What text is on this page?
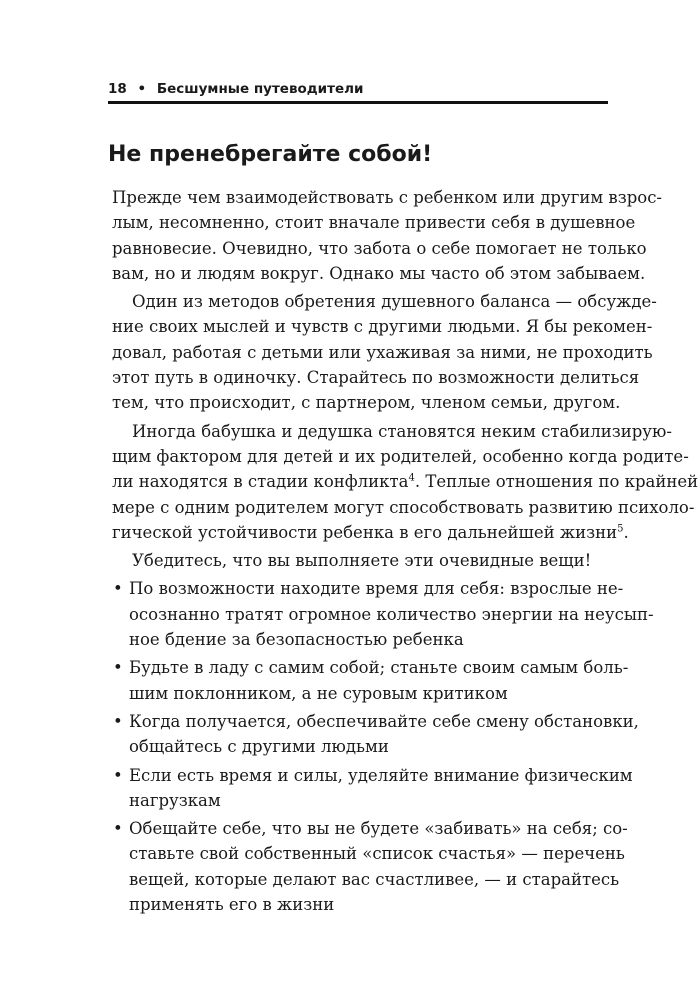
18 • Бесшумные путеводители
Не пренебрегайте собой!
Прежде чем взаимодействовать с ребенком или другим взрос-
лым, несомненно, стоит вначале привести себя в душевное
равновесие. Очевидно, что забота о себе помогает не только
вам, но и людям вокруг. Однако мы часто об этом забываем.
Один из методов обретения душевного баланса — обсужде-
ние своих мыслей и чувств с другими людьми. Я бы рекомен-
довал, работая с детьми или ухаживая за ними, не проходить
этот путь в одиночку. Старайтесь по возможности делиться
тем, что происходит, с партнером, членом семьи, другом.
Иногда бабушка и дедушка становятся неким стабилизирую-
щим фактором для детей и их родителей, особенно когда родите-
ли находятся в стадии конфликта$^4$. Теплые отношения по крайней
мере с одним родителем могут способствовать развитию психоло-
гической устойчивости ребенка в его дальнейшей жизни$^5$.
Убедитесь, что вы выполняете эти очевидные вещи!
• По возможности находите время для себя: взрослые не-
осознанно тратят огромное количество энергии на неусып-
ное бдение за безопасностью ребенка
• Будьте в ладу с самим собой; станьте своим самым боль-
шим поклонником, а не суровым критиком
• Когда получается, обеспечивайте себе смену обстановки,
общайтесь с другими людьми
• Если есть время и силы, уделяйте внимание физическим
нагрузкам
• Обещайте себе, что вы не будете «забивать» на себя; со-
ставьте свой собственный «список счастья» — перечень
вещей, которые делают вас счастливее, — и старайтесь
применять его в жизни
